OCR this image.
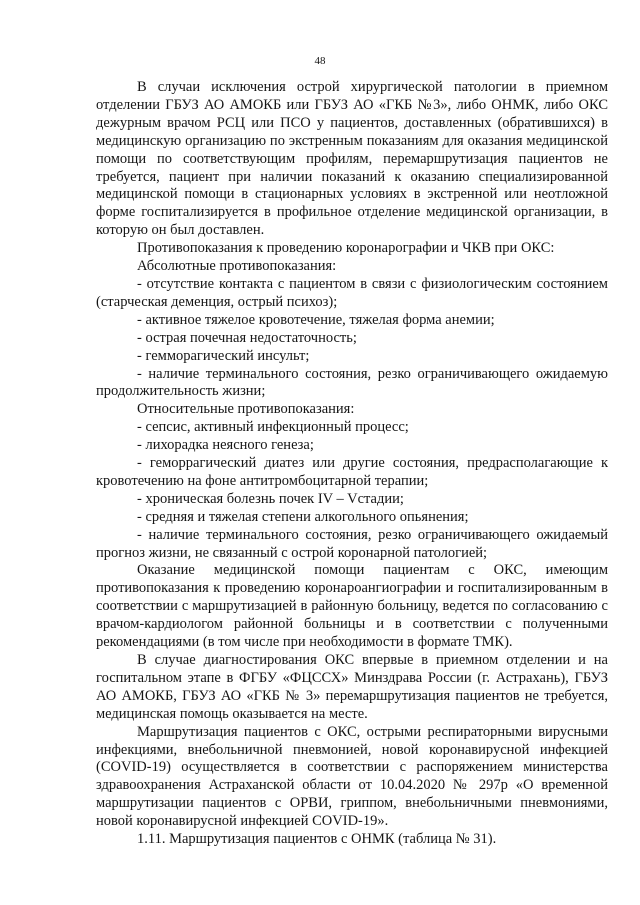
48

В случаи исключения острой хирургической патологии в приемном отделении ГБУЗ АО АМОКБ или ГБУЗ АО «ГКБ №3», либо ОНМК, либо ОКС дежурным врачом РСЦ или ПСО у пациентов, доставленных (обратившихся) в медицинскую организацию по экстренным показаниям для оказания медицинской помощи по соответствующим профилям, перемаршрутизация пациентов не требуется, пациент при наличии показаний к оказанию специализированной медицинской помощи в стационарных условиях в экстренной или неотложной форме госпитализируется в профильное отделение медицинской организации, в которую он был доставлен.

Противопоказания к проведению коронарографии и ЧКВ при ОКС:

Абсолютные противопоказания:

- отсутствие контакта с пациентом в связи с физиологическим состоянием (старческая деменция, острый психоз);

- активное тяжелое кровотечение, тяжелая форма анемии;

- острая почечная недостаточность;

- гемморагический инсульт;

- наличие терминального состояния, резко ограничивающего ожидаемую продолжительность жизни;

Относительные противопоказания:

- сепсис, активный инфекционный процесс;

- лихорадка неясного генеза;

- геморрагический диатез или другие состояния, предрасполагающие к кровотечению на фоне антитромбоцитарной терапии;

- хроническая болезнь почек IV – Vстадии;

- средняя и тяжелая степени алкогольного опьянения;

- наличие терминального состояния, резко ограничивающего ожидаемый прогноз жизни, не связанный с острой коронарной патологией;

Оказание медицинской помощи пациентам с ОКС, имеющим противопоказания к проведению коронароангиографии и госпитализированным в соответствии с маршрутизацией в районную больницу, ведется по согласованию с врачом-кардиологом районной больницы и в соответствии с полученными рекомендациями (в том числе при необходимости в формате ТМК).

В случае диагностирования ОКС впервые в приемном отделении и на госпитальном этапе в ФГБУ «ФЦССХ» Минздрава России (г. Астрахань), ГБУЗ АО АМОКБ, ГБУЗ АО «ГКБ № 3» перемаршрутизация пациентов не требуется, медицинская помощь оказывается на месте.

Маршрутизация пациентов с ОКС, острыми респираторными вирусными инфекциями, внебольничной пневмонией, новой коронавирусной инфекцией (COVID-19) осуществляется в соответствии с распоряжением министерства здравоохранения Астраханской области от 10.04.2020 № 297р «О временной маршрутизации пациентов с ОРВИ, гриппом, внебольничными пневмониями, новой коронавирусной инфекцией COVID-19».

1.11. Маршрутизация пациентов с ОНМК (таблица № 31).
